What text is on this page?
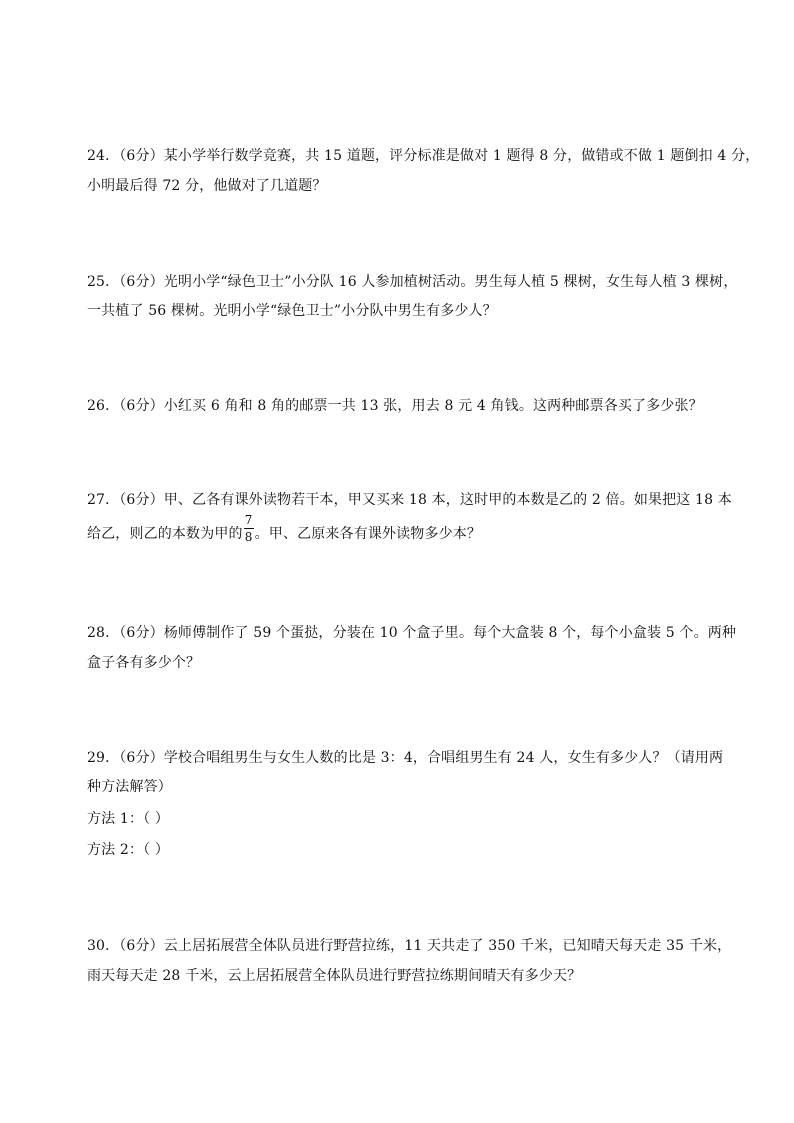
24．（6分）某小学举行数学竞赛，共 15 道题，评分标准是做对 1 题得 8 分，做错或不做 1 题倒扣 4 分，
小明最后得 72 分，他做对了几道题？
25．（6分）光明小学“绿色卫士”小分队 16 人参加植树活动。男生每人植 5 棵树，女生每人植 3 棵树，
一共植了 56 棵树。光明小学“绿色卫士”小分队中男生有多少人？
26．（6分）小红买 6 角和 8 角的邮票一共 13 张，用去 8 元 4 角钱。这两种邮票各买了多少张？
27．（6分）甲、乙各有课外读物若干本，甲又买来 18 本，这时甲的本数是乙的 2 倍。如果把这 18 本
给乙，则乙的本数为甲的 $\frac{7}{8}$ 。甲、乙原来各有课外读物多少本？
28．（6分）杨师傅制作了 59 个蛋挞，分装在 10 个盒子里。每个大盒装 8 个，每个小盒装 5 个。两种
盒子各有多少个？
29．（6分）学校合唱组男生与女生人数的比是 3：4，合唱组男生有 24 人，女生有多少人？（请用两
种方法解答）
方法 1：（ ）
方法 2：（ ）
30．（6分）云上居拓展营全体队员进行野营拉练，11 天共走了 350 千米，已知晴天每天走 35 千米，
雨天每天走 28 千米，云上居拓展营全体队员进行野营拉练期间晴天有多少天？
